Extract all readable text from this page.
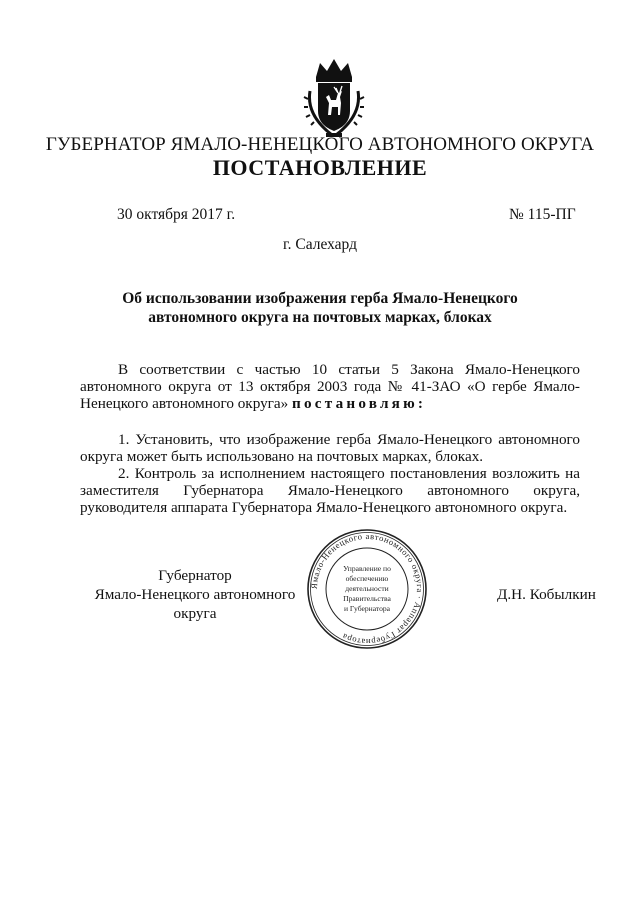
ГУБЕРНАТОР ЯМАЛО-НЕНЕЦКОГО АВТОНОМНОГО ОКРУГА
ПОСТАНОВЛЕНИЕ
30 октября 2017 г.	№ 115-ПГ
г. Салехард
Об использовании изображения герба Ямало-Ненецкого
автономного округа на почтовых марках, блоках
В соответствии с частью 10 статьи 5 Закона Ямало-Ненецкого автономного округа от 13 октября 2003 года № 41-ЗАО «О гербе Ямало-Ненецкого автономного округа» постановляю:
1. Установить, что изображение герба Ямало-Ненецкого автономного округа может быть использовано на почтовых марках, блоках.
2. Контроль за исполнением настоящего постановления возложить на заместителя Губернатора Ямало-Ненецкого автономного округа, руководителя аппарата Губернатора Ямало-Ненецкого автономного округа.
Губернатор
Ямало-Ненецкого автономного округа
Д.Н. Кобылкин
Ямало-Ненецкого автономного округа · Аппарат Губернатора
Управление по
обеспечению
деятельности
Правительства
и Губернатора
